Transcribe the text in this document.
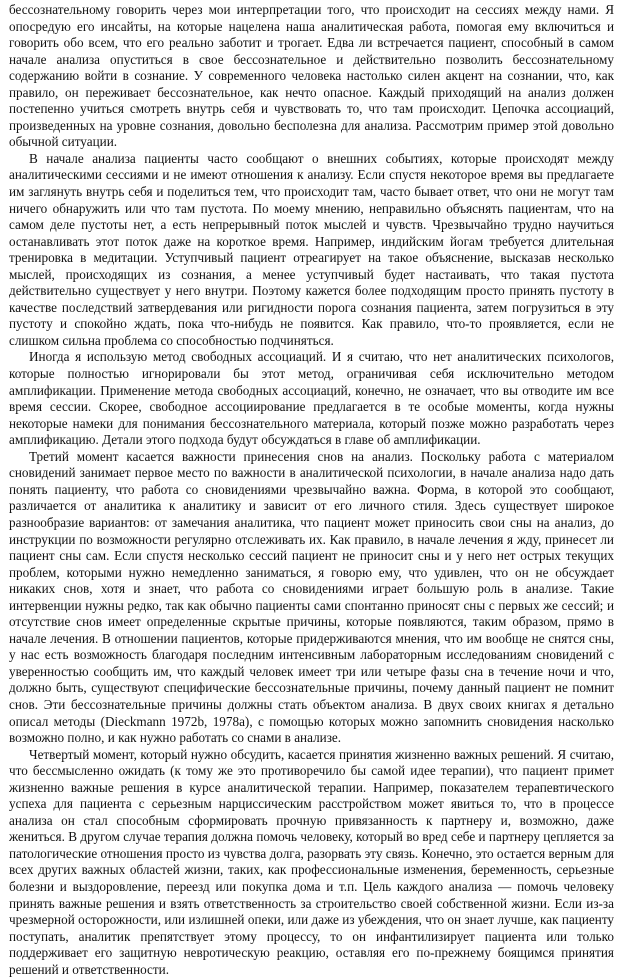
бессознательному говорить через мои интерпретации того, что происходит на сессиях между нами. Я опосредую его инсайты, на которые нацелена наша аналитическая работа, помогая ему включиться и говорить обо всем, что его реально заботит и трогает. Едва ли встречается пациент, способный в самом начале анализа опуститься в свое бессознательное и действительно позволить бессознательному содержанию войти в сознание. У современного человека настолько силен акцент на сознании, что, как правило, он переживает бессознательное, как нечто опасное. Каждый приходящий на анализ должен постепенно учиться смотреть внутрь себя и чувствовать то, что там происходит. Цепочка ассоциаций, произведенных на уровне сознания, довольно бесполезна для анализа. Рассмотрим пример этой довольно обычной ситуации.

В начале анализа пациенты часто сообщают о внешних событиях, которые происходят между аналитическими сессиями и не имеют отношения к анализу. Если спустя некоторое время вы предлагаете им заглянуть внутрь себя и поделиться тем, что происходит там, часто бывает ответ, что они не могут там ничего обнаружить или что там пустота. По моему мнению, неправильно объяснять пациентам, что на самом деле пустоты нет, а есть непрерывный поток мыслей и чувств. Чрезвычайно трудно научиться останавливать этот поток даже на короткое время. Например, индийским йогам требуется длительная тренировка в медитации. Уступчивый пациент отреагирует на такое объяснение, высказав несколько мыслей, происходящих из сознания, а менее уступчивый будет настаивать, что такая пустота действительно существует у него внутри. Поэтому кажется более подходящим просто принять пустоту в качестве последствий затвердевания или ригидности порога сознания пациента, затем погрузиться в эту пустоту и спокойно ждать, пока что-нибудь не появится. Как правило, что-то проявляется, если не слишком сильна проблема со способностью подчиняться.

Иногда я использую метод свободных ассоциаций. И я считаю, что нет аналитических психологов, которые полностью игнорировали бы этот метод, ограничивая себя исключительно методом амплификации. Применение метода свободных ассоциаций, конечно, не означает, что вы отводите им все время сессии. Скорее, свободное ассоциирование предлагается в те особые моменты, когда нужны некоторые намеки для понимания бессознательного материала, который позже можно разработать через амплификацию. Детали этого подхода будут обсуждаться в главе об амплификации.

Третий момент касается важности принесения снов на анализ. Поскольку работа с материалом сновидений занимает первое место по важности в аналитической психологии, в начале анализа надо дать понять пациенту, что работа со сновидениями чрезвычайно важна. Форма, в которой это сообщают, различается от аналитика к аналитику и зависит от его личного стиля. Здесь существует широкое разнообразие вариантов: от замечания аналитика, что пациент может приносить свои сны на анализ, до инструкции по возможности регулярно отслеживать их. Как правило, в начале лечения я жду, принесет ли пациент сны сам. Если спустя несколько сессий пациент не приносит сны и у него нет острых текущих проблем, которыми нужно немедленно заниматься, я говорю ему, что удивлен, что он не обсуждает никаких снов, хотя и знает, что работа со сновидениями играет большую роль в анализе. Такие интервенции нужны редко, так как обычно пациенты сами спонтанно приносят сны с первых же сессий; и отсутствие снов имеет определенные скрытые причины, которые появляются, таким образом, прямо в начале лечения. В отношении пациентов, которые придерживаются мнения, что им вообще не снятся сны, у нас есть возможность благодаря последним интенсивным лабораторным исследованиям сновидений с уверенностью сообщить им, что каждый человек имеет три или четыре фазы сна в течение ночи и что, должно быть, существуют специфические бессознательные причины, почему данный пациент не помнит снов. Эти бессознательные причины должны стать объектом анализа. В двух своих книгах я детально описал методы (Dieckmann 1972b, 1978a), с помощью которых можно запомнить сновидения насколько возможно полно, и как нужно работать со снами в анализе.

Четвертый момент, который нужно обсудить, касается принятия жизненно важных решений. Я считаю, что бессмысленно ожидать (к тому же это противоречило бы самой идее терапии), что пациент примет жизненно важные решения в курсе аналитической терапии. Например, показателем терапевтического успеха для пациента с серьезным нарциссическим расстройством может явиться то, что в процессе анализа он стал способным сформировать прочную привязанность к партнеру и, возможно, даже жениться. В другом случае терапия должна помочь человеку, который во вред себе и партнеру цепляется за патологические отношения просто из чувства долга, разорвать эту связь. Конечно, это остается верным для всех других важных областей жизни, таких, как профессиональные изменения, беременность, серьезные болезни и выздоровление, переезд или покупка дома и т.п. Цель каждого анализа — помочь человеку принять важные решения и взять ответственность за строительство своей собственной жизни. Если из-за чрезмерной осторожности, или излишней опеки, или даже из убеждения, что он знает лучше, как пациенту поступать, аналитик препятствует этому процессу, то он инфантилизирует пациента или только поддерживает его защитную невротическую реакцию, оставляя его по-прежнему боящимся принятия решений и ответственности.
